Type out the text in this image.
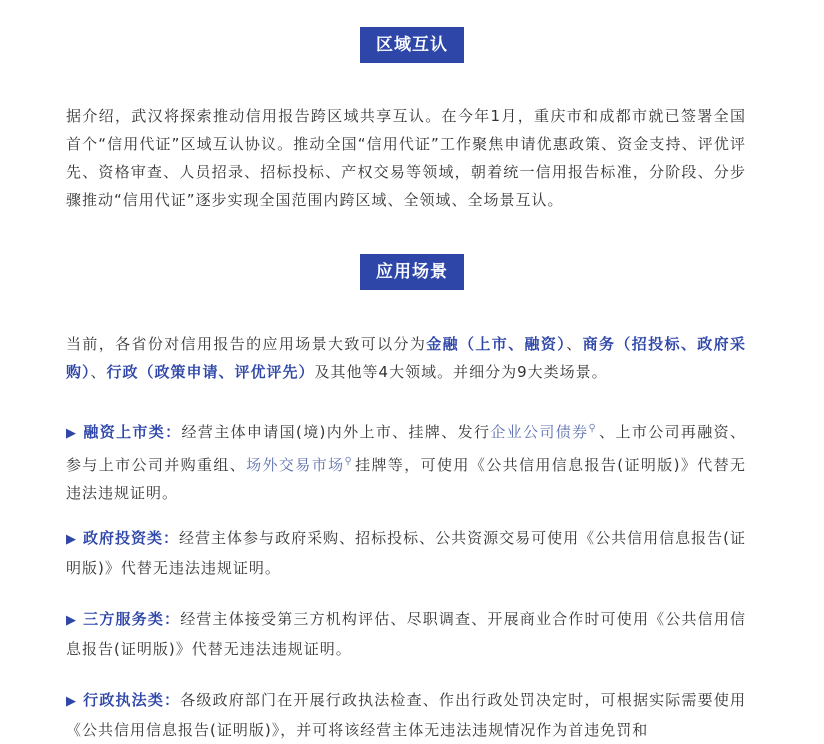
区域互认

据介绍，武汉将探索推动信用报告跨区域共享互认。在今年1月，重庆市和成都市就已签署全国首个“信用代证”区域互认协议。推动全国“信用代证”工作聚焦申请优惠政策、资金支持、评优评先、资格审查、人员招录、招标投标、产权交易等领域，朝着统一信用报告标准，分阶段、分步骤推动“信用代证”逐步实现全国范围内跨区域、全领域、全场景互认。

应用场景

当前，各省份对信用报告的应用场景大致可以分为金融（上市、融资）、商务（招投标、政府采购）、行政（政策申请、评优评先）及其他等4大领域。并细分为9大类场景。

▶ 融资上市类：经营主体申请国(境)内外上市、挂牌、发行企业公司债券⚲ 、上市公司再融资、参与上市公司并购重组、场外交易市场⚲ 挂牌等，可使用《公共信用信息报告(证明版)》代替无违法违规证明。

▶ 政府投资类：经营主体参与政府采购、招标投标、公共资源交易可使用《公共信用信息报告(证明版)》代替无违法违规证明。

▶ 三方服务类：经营主体接受第三方机构评估、尽职调查、开展商业合作时可使用《公共信用信息报告(证明版)》代替无违法违规证明。

▶ 行政执法类：各级政府部门在开展行政执法检查、作出行政处罚决定时，可根据实际需要使用《公共信用信息报告(证明版)》，并可将该经营主体无违法违规情况作为首违免罚和
